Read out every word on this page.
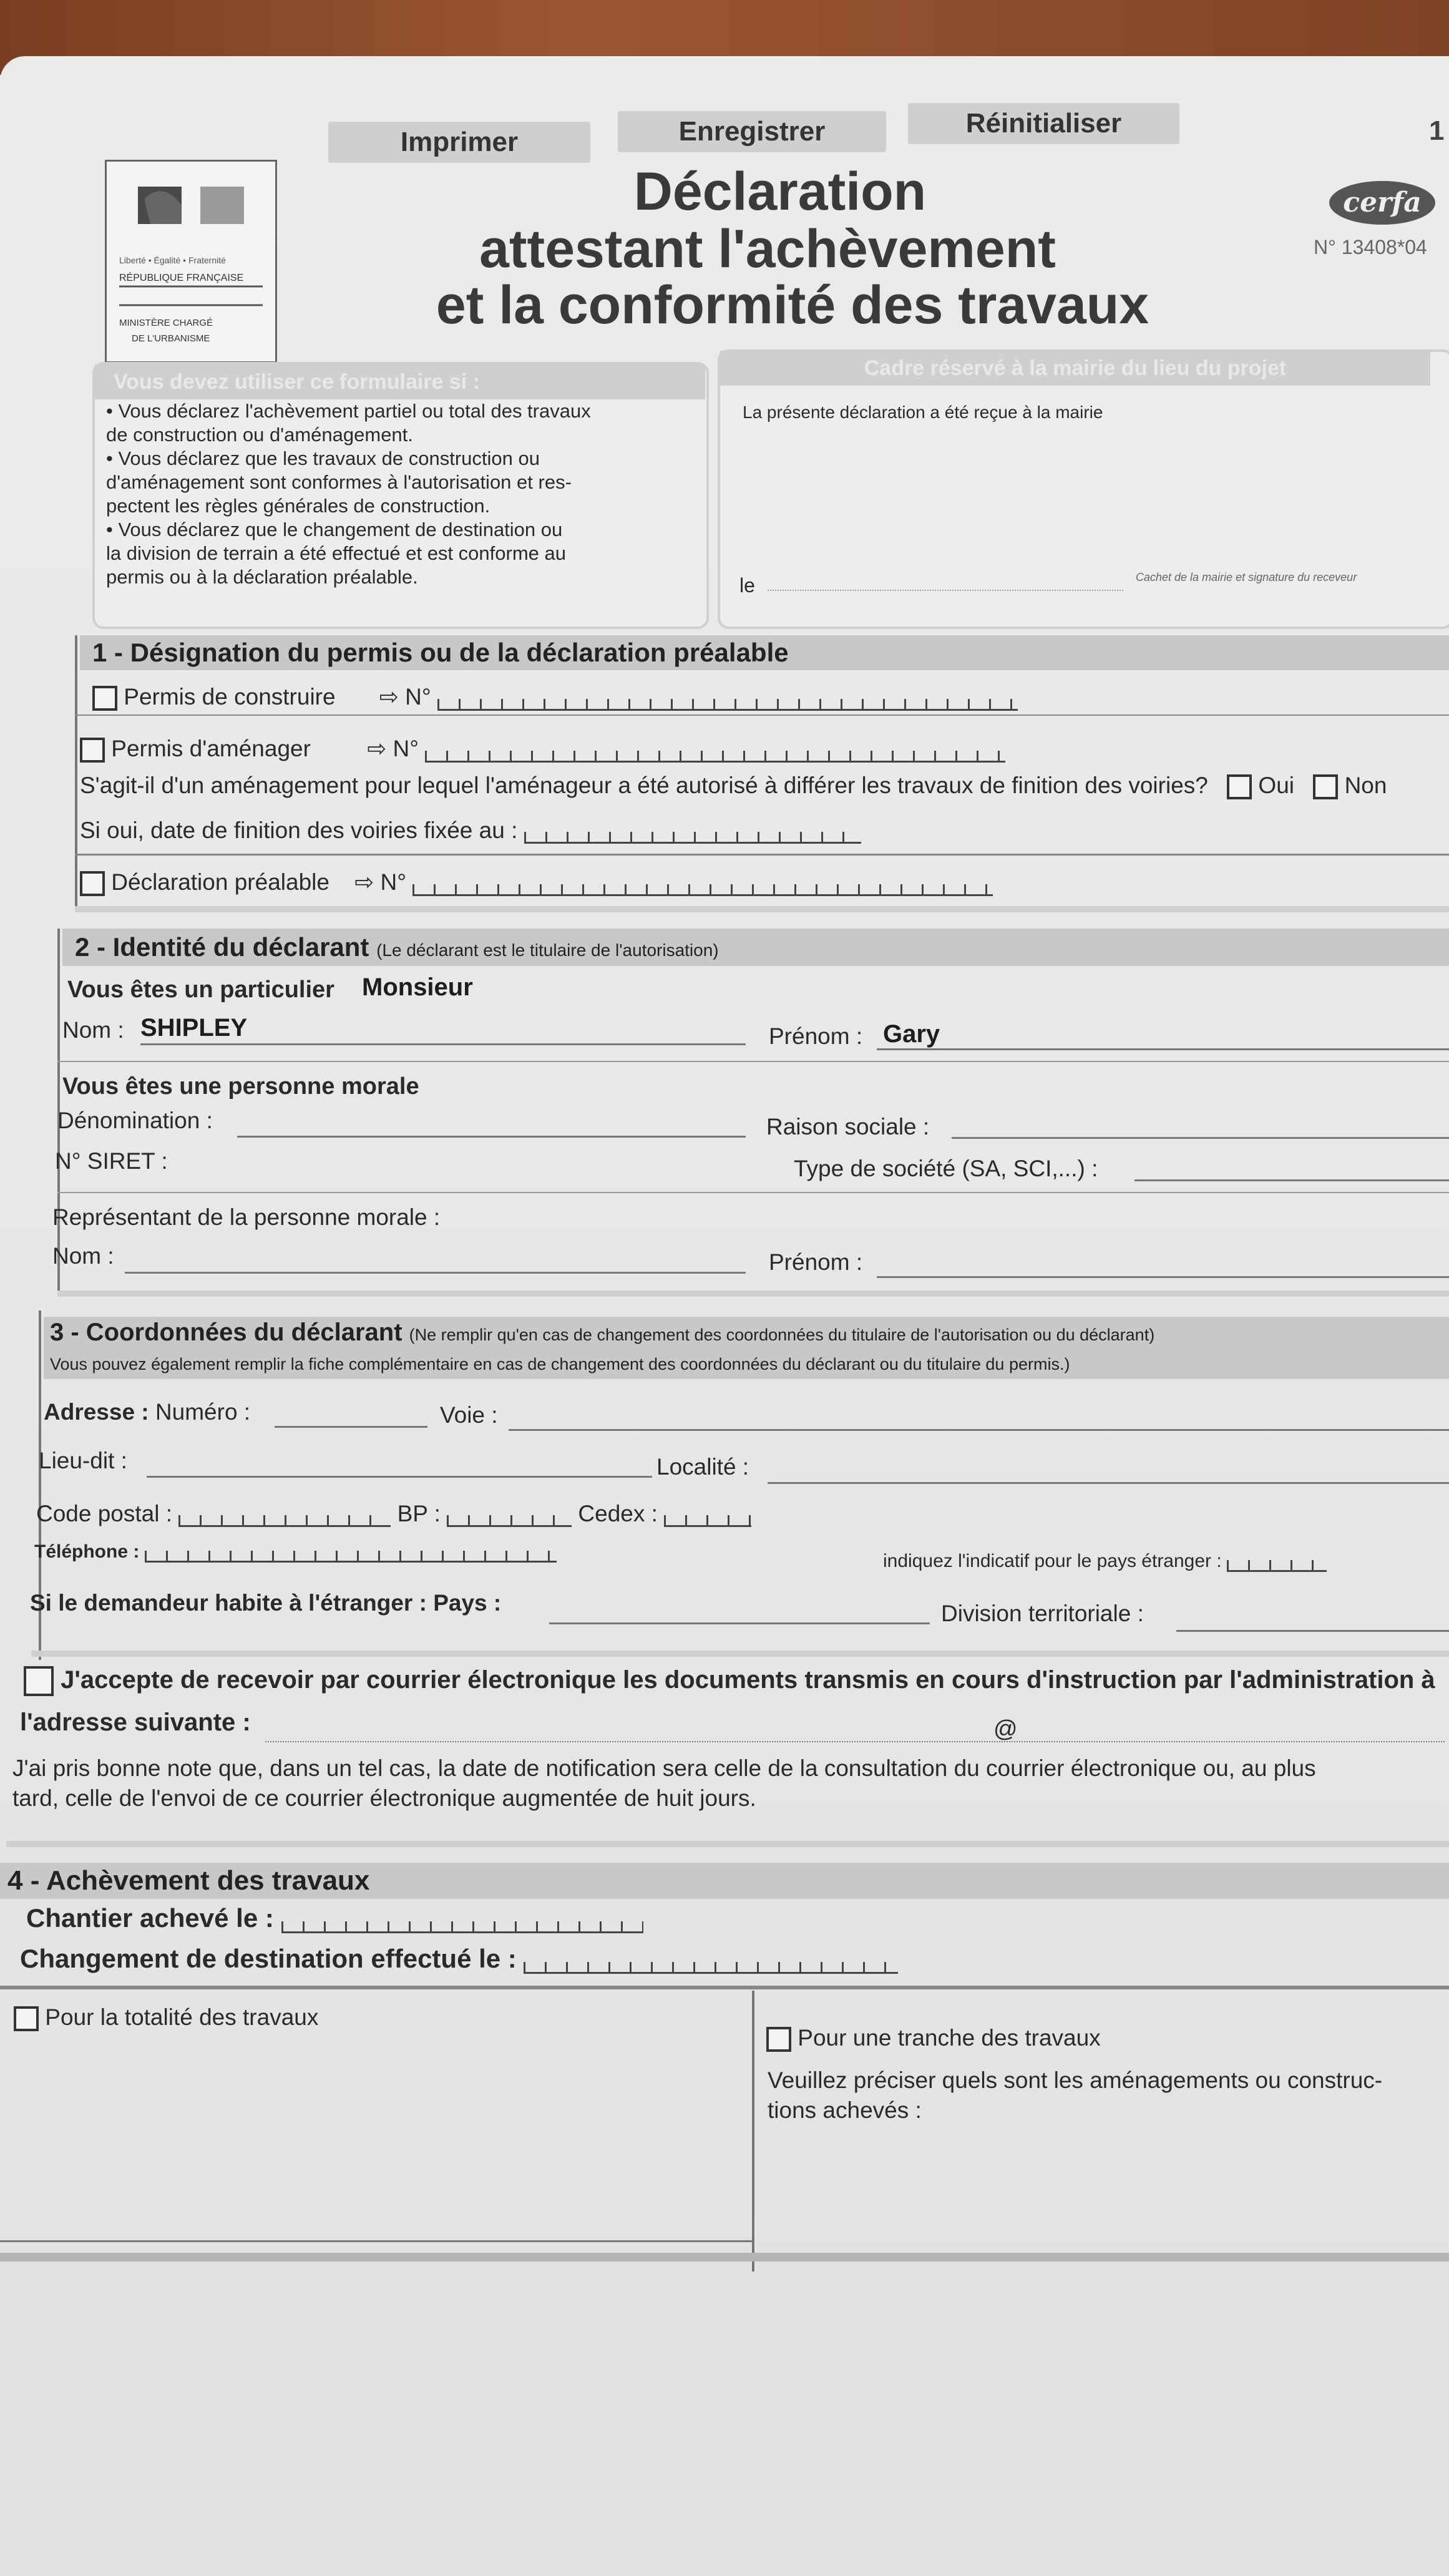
Imprimer	Enregistrer	Réinitialiser	1
Liberté • Égalité • Fraternité
RÉPUBLIQUE FRANÇAISE
MINISTÈRE CHARGÉ
DE L'URBANISME
Déclaration
attestant l'achèvement
et la conformité des travaux
cerfa
N° 13408*04
Vous devez utiliser ce formulaire si :
• Vous déclarez l'achèvement partiel ou total des travaux
de construction ou d'aménagement.
• Vous déclarez que les travaux de construction ou
d'aménagement sont conformes à l'autorisation et res-
pectent les règles générales de construction.
• Vous déclarez que le changement de destination ou
la division de terrain a été effectué et est conforme au
permis ou à la déclaration préalable.
Cadre réservé à la mairie du lieu du projet
La présente déclaration a été reçue à la mairie
le	Cachet de la mairie et signature du receveur
1 - Désignation du permis ou de la déclaration préalable
Permis de construire ⇨ N°
Permis d'aménager ⇨ N°
S'agit-il d'un aménagement pour lequel l'aménageur a été autorisé à différer les travaux de finition des voiries? Oui Non
Si oui, date de finition des voiries fixée au :
Déclaration préalable ⇨ N°
2 - Identité du déclarant (Le déclarant est le titulaire de l'autorisation)
Vous êtes un particulier Monsieur
Nom : SHIPLEY	Prénom : Gary
Vous êtes une personne morale
Dénomination :	Raison sociale :
N° SIRET :	Type de société (SA, SCI,...) :
Représentant de la personne morale :
Nom :	Prénom :
3 - Coordonnées du déclarant (Ne remplir qu'en cas de changement des coordonnées du titulaire de l'autorisation ou du déclarant)
Vous pouvez également remplir la fiche complémentaire en cas de changement des coordonnées du déclarant ou du titulaire du permis.)
Adresse : Numéro :	Voie :
Lieu-dit :	Localité :
Code postal :	BP :	Cedex :
Téléphone :	indiquez l'indicatif pour le pays étranger :
Si le demandeur habite à l'étranger : Pays :	Division territoriale :
J'accepte de recevoir par courrier électronique les documents transmis en cours d'instruction par l'administration à
l'adresse suivante :	@
J'ai pris bonne note que, dans un tel cas, la date de notification sera celle de la consultation du courrier électronique ou, au plus
tard, celle de l'envoi de ce courrier électronique augmentée de huit jours.
4 - Achèvement des travaux
Chantier achevé le :
Changement de destination effectué le :
Pour la totalité des travaux
Pour une tranche des travaux
Veuillez préciser quels sont les aménagements ou construc-
tions achevés :
